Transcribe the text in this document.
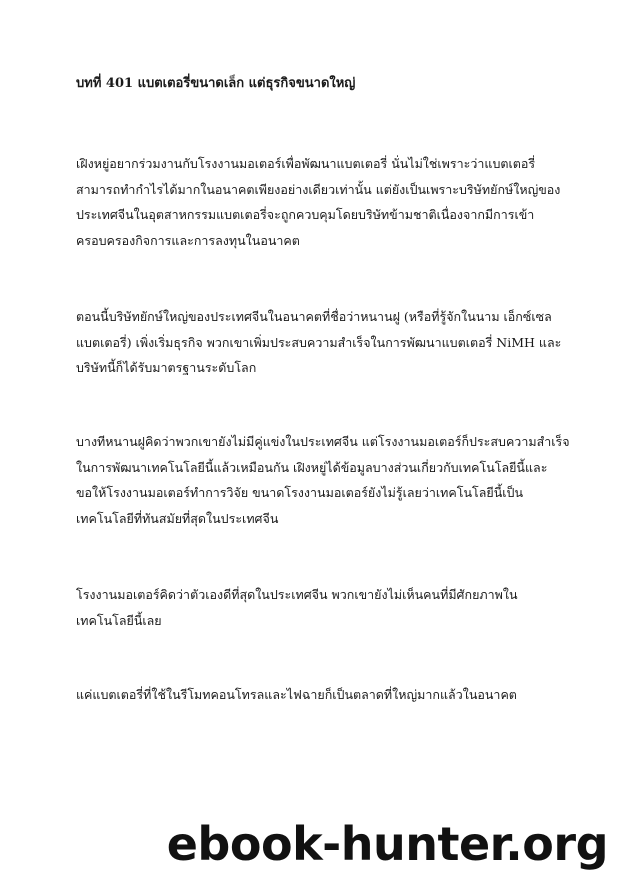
บทที่ 401 แบตเตอรี่ขนาดเล็ก แต่ธุรกิจขนาดใหญ่

เฝิงหยู่อยากร่วมงานกับโรงงานมอเตอร์เพื่อพัฒนาแบตเตอรี่ นั่นไม่ใช่เพราะว่าแบตเตอรี่
สามารถทำกำไรได้มากในอนาคตเพียงอย่างเดียวเท่านั้น แต่ยังเป็นเพราะบริษัทยักษ์ใหญ่ของ
ประเทศจีนในอุตสาหกรรมแบตเตอรี่จะถูกควบคุมโดยบริษัทข้ามชาติเนื่องจากมีการเข้า
ครอบครองกิจการและการลงทุนในอนาคต

ตอนนี้บริษัทยักษ์ใหญ่ของประเทศจีนในอนาคตที่ชื่อว่าหนานฝู (หรือที่รู้จักในนาม เอ็กซ์เซล
แบตเตอรี่) เพิ่งเริ่มธุรกิจ พวกเขาเพิ่มประสบความสำเร็จในการพัฒนาแบตเตอรี่ NiMH และ
บริษัทนี้ก็ได้รับมาตรฐานระดับโลก

บางทีหนานฝูคิดว่าพวกเขายังไม่มีคู่แข่งในประเทศจีน แต่โรงงานมอเตอร์ก็ประสบความสำเร็จ
ในการพัฒนาเทคโนโลยีนี้แล้วเหมือนกัน เฝิงหยู่ได้ข้อมูลบางส่วนเกี่ยวกับเทคโนโลยีนี้และ
ขอให้โรงงานมอเตอร์ทำการวิจัย ขนาดโรงงานมอเตอร์ยังไม่รู้เลยว่าเทคโนโลยีนี้เป็น
เทคโนโลยีที่ทันสมัยที่สุดในประเทศจีน

โรงงานมอเตอร์คิดว่าตัวเองดีที่สุดในประเทศจีน พวกเขายังไม่เห็นคนที่มีศักยภาพใน
เทคโนโลยีนี้เลย

แค่แบตเตอรี่ที่ใช้ในรีโมทคอนโทรลและไฟฉายก็เป็นตลาดที่ใหญ่มากแล้วในอนาคต

ebook-hunter.org
